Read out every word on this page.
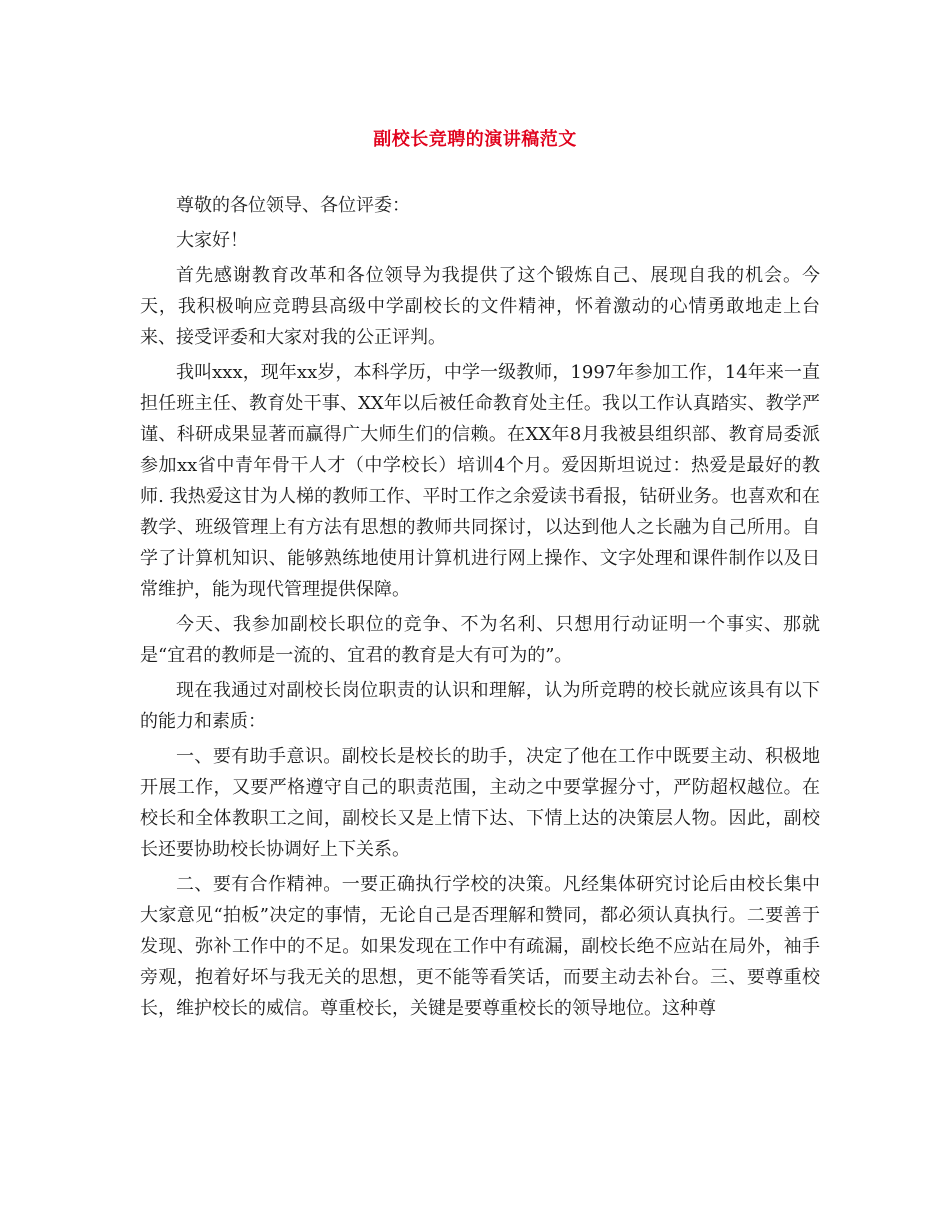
副校长竞聘的演讲稿范文

尊敬的各位领导、各位评委：

大家好！

首先感谢教育改革和各位领导为我提供了这个锻炼自己、展现自我的机会。今天，我积极响应竞聘县高级中学副校长的文件精神，怀着激动的心情勇敢地走上台来、接受评委和大家对我的公正评判。

我叫xxx，现年xx岁，本科学历，中学一级教师，1997年参加工作，14年来一直担任班主任、教育处干事、XX年以后被任命教育处主任。我以工作认真踏实、教学严谨、科研成果显著而赢得广大师生们的信赖。在XX年8月我被县组织部、教育局委派参加xx省中青年骨干人才（中学校长）培训4个月。爱因斯坦说过：热爱是最好的教师. 我热爱这甘为人梯的教师工作、平时工作之余爱读书看报，钻研业务。也喜欢和在教学、班级管理上有方法有思想的教师共同探讨，以达到他人之长融为自己所用。自学了计算机知识、能够熟练地使用计算机进行网上操作、文字处理和课件制作以及日常维护，能为现代管理提供保障。

今天、我参加副校长职位的竞争、不为名利、只想用行动证明一个事实、那就是“宜君的教师是一流的、宜君的教育是大有可为的”。

现在我通过对副校长岗位职责的认识和理解，认为所竞聘的校长就应该具有以下的能力和素质：

一、要有助手意识。副校长是校长的助手，决定了他在工作中既要主动、积极地开展工作，又要严格遵守自己的职责范围，主动之中要掌握分寸，严防超权越位。在校长和全体教职工之间，副校长又是上情下达、下情上达的决策层人物。因此，副校长还要协助校长协调好上下关系。

二、要有合作精神。一要正确执行学校的决策。凡经集体研究讨论后由校长集中大家意见“拍板”决定的事情，无论自己是否理解和赞同，都必须认真执行。二要善于发现、弥补工作中的不足。如果发现在工作中有疏漏，副校长绝不应站在局外，袖手旁观，抱着好坏与我无关的思想，更不能等看笑话，而要主动去补台。三、要尊重校长，维护校长的威信。尊重校长，关键是要尊重校长的领导地位。这种尊
